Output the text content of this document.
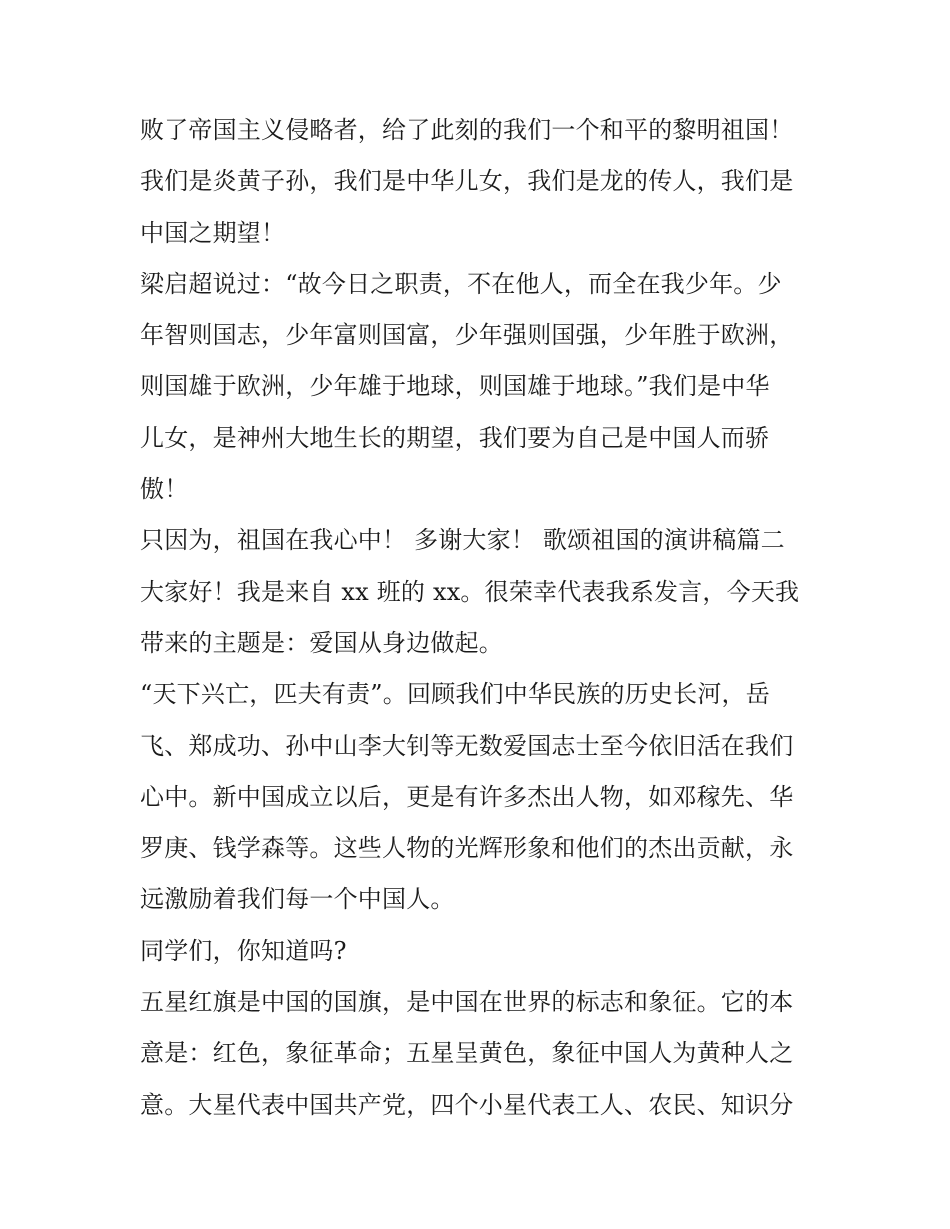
败了帝国主义侵略者，给了此刻的我们一个和平的黎明祖国！
我们是炎黄子孙，我们是中华儿女，我们是龙的传人，我们是
中国之期望！
梁启超说过：“故今日之职责，不在他人，而全在我少年。少
年智则国志，少年富则国富，少年强则国强，少年胜于欧洲，
则国雄于欧洲，少年雄于地球，则国雄于地球。”我们是中华
儿女，是神州大地生长的期望，我们要为自己是中国人而骄
傲！
只因为，祖国在我心中！ 多谢大家！ 歌颂祖国的演讲稿篇二
大家好！我是来自 xx 班的 xx。很荣幸代表我系发言，今天我
带来的主题是：爱国从身边做起。
“天下兴亡，匹夫有责”。回顾我们中华民族的历史长河，岳
飞、郑成功、孙中山李大钊等无数爱国志士至今依旧活在我们
心中。新中国成立以后，更是有许多杰出人物，如邓稼先、华
罗庚、钱学森等。这些人物的光辉形象和他们的杰出贡献，永
远激励着我们每一个中国人。
同学们，你知道吗?
五星红旗是中国的国旗，是中国在世界的标志和象征。它的本
意是：红色，象征革命；五星呈黄色，象征中国人为黄种人之
意。大星代表中国共产党，四个小星代表工人、农民、知识分
